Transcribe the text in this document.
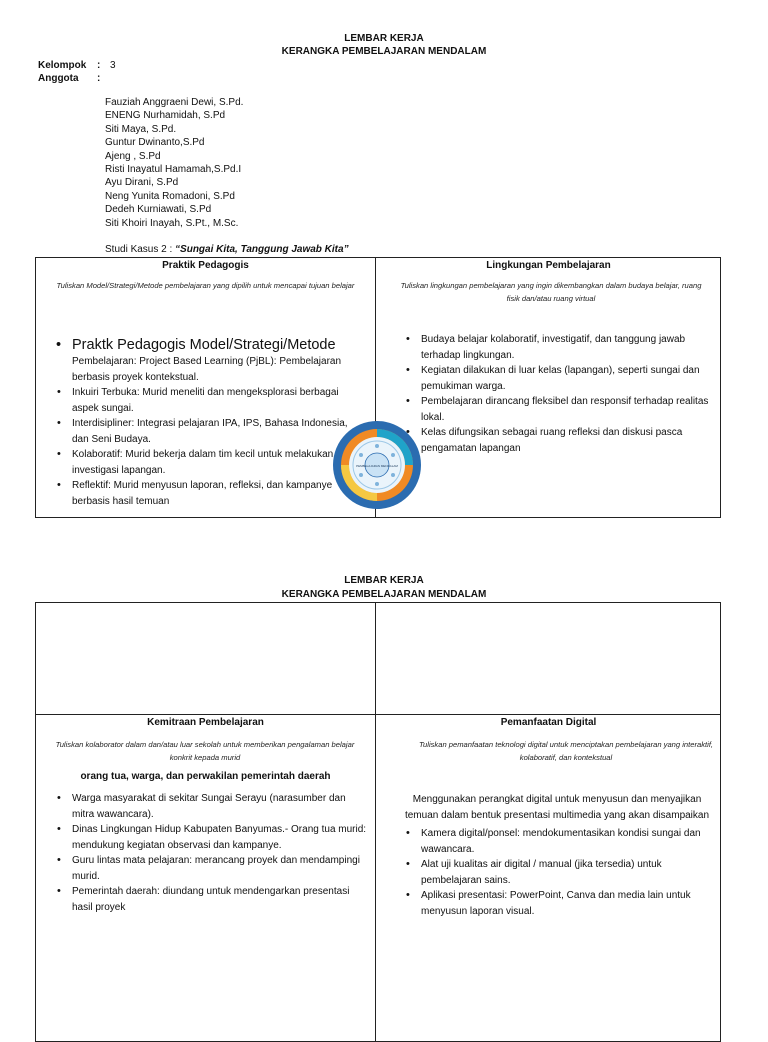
LEMBAR KERJA
KERANGKA PEMBELAJARAN MENDALAM
Kelompok : 3
Anggota :
Fauziah Anggraeni Dewi, S.Pd.
ENENG Nurhamidah, S.Pd
Siti Maya, S.Pd.
Guntur Dwinanto,S.Pd
Ajeng , S.Pd
Risti Inayatul Hamamah,S.Pd.I
Ayu Dirani, S.Pd
Neng Yunita Romadoni, S.Pd
Dedeh Kurniawati, S.Pd
Siti Khoiri Inayah, S.Pt., M.Sc.
Studi Kasus 2 : “Sungai Kita, Tanggung Jawab Kita”
Praktik Pedagogis
Tuliskan Model/Strategi/Metode pembelajaran yang dipilih untuk mencapai tujuan belajar
• Praktk Pedagogis Model/Strategi/Metode
Pembelajaran: Project Based Learning (PjBL): Pembelajaran berbasis proyek kontekstual.
• Inkuiri Terbuka: Murid meneliti dan mengeksplorasi berbagai aspek sungai.
• Interdisipliner: Integrasi pelajaran IPA, IPS, Bahasa Indonesia, dan Seni Budaya.
• Kolaboratif: Murid bekerja dalam tim kecil untuk melakukan investigasi lapangan.
• Reflektif: Murid menyusun laporan, refleksi, dan kampanye berbasis hasil temuan
PEMBELAJARAN MENDALAM
Lingkungan Pembelajaran
Tuliskan lingkungan pembelajaran yang ingin dikembangkan dalam budaya belajar, ruang fisik dan/atau ruang virtual
• Budaya belajar kolaboratif, investigatif, dan tanggung jawab terhadap lingkungan.
• Kegiatan dilakukan di luar kelas (lapangan), seperti sungai dan pemukiman warga.
• Pembelajaran dirancang fleksibel dan responsif terhadap realitas lokal.
• Kelas difungsikan sebagai ruang refleksi dan diskusi pasca pengamatan lapangan
LEMBAR KERJA
KERANGKA PEMBELAJARAN MENDALAM
Kemitraan Pembelajaran
Tuliskan kolaborator dalam dan/atau luar sekolah untuk memberikan pengalaman belajar konkrit kepada murid
orang tua, warga, dan perwakilan pemerintah daerah
• Warga masyarakat di sekitar Sungai Serayu (narasumber dan mitra wawancara).
• Dinas Lingkungan Hidup Kabupaten Banyumas.- Orang tua murid: mendukung kegiatan observasi dan kampanye.
• Guru lintas mata pelajaran: merancang proyek dan mendampingi murid.
• Pemerintah daerah: diundang untuk mendengarkan presentasi hasil proyek
Pemanfaatan Digital
Tuliskan pemanfaatan teknologi digital untuk menciptakan pembelajaran yang interaktif, kolaboratif, dan kontekstual
Menggunakan perangkat digital untuk menyusun dan menyajikan temuan dalam bentuk presentasi multimedia yang akan disampaikan
• Kamera digital/ponsel: mendokumentasikan kondisi sungai dan wawancara.
• Alat uji kualitas air digital / manual (jika tersedia) untuk pembelajaran sains.
• Aplikasi presentasi: PowerPoint, Canva dan media lain untuk menyusun laporan visual.
